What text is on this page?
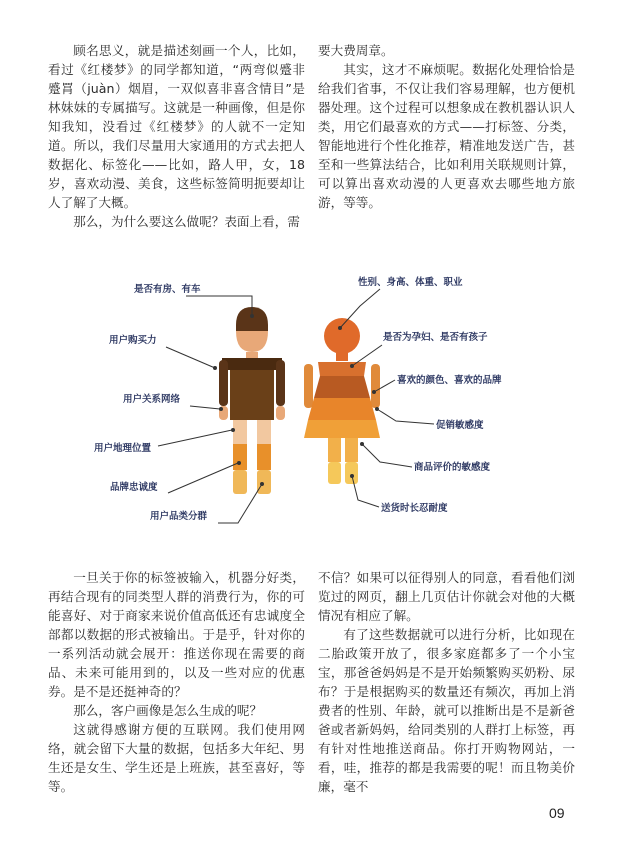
顾名思义，就是描述刻画一个人，比如，看过《红楼梦》的同学都知道，“两弯似蹙非蹙罥（juàn）烟眉，一双似喜非喜含情目”是林妹妹的专属描写。这就是一种画像，但是你知我知，没看过《红楼梦》的人就不一定知道。所以，我们尽量用大家通用的方式去把人数据化、标签化——比如，路人甲，女，18岁，喜欢动漫、美食，这些标签简明扼要却让人了解了大概。

那么，为什么要这么做呢？表面上看，需

要大费周章。

其实，这才不麻烦呢。数据化处理恰恰是给我们省事，不仅让我们容易理解，也方便机器处理。这个过程可以想象成在教机器认识人类，用它们最喜欢的方式——打标签、分类，智能地进行个性化推荐，精准地发送广告，甚至和一些算法结合，比如利用关联规则计算，可以算出喜欢动漫的人更喜欢去哪些地方旅游，等等。

是否有房、有车
用户购买力
用户关系网络
用户地理位置
品牌忠诚度
用户品类分群
性别、身高、体重、职业
是否为孕妇、是否有孩子
喜欢的颜色、喜欢的品牌
促销敏感度
商品评价的敏感度
送货时长忍耐度

一旦关于你的标签被输入，机器分好类，再结合现有的同类型人群的消费行为，你的可能喜好、对于商家来说价值高低还有忠诚度全部都以数据的形式被输出。于是乎，针对你的一系列活动就会展开：推送你现在需要的商品、未来可能用到的，以及一些对应的优惠券。是不是还挺神奇的？

那么，客户画像是怎么生成的呢？

这就得感谢方便的互联网。我们使用网络，就会留下大量的数据，包括多大年纪、男生还是女生、学生还是上班族，甚至喜好，等等。

不信？如果可以征得别人的同意，看看他们浏览过的网页，翻上几页估计你就会对他的大概情况有相应了解。

有了这些数据就可以进行分析，比如现在二胎政策开放了，很多家庭都多了一个小宝宝，那爸爸妈妈是不是开始频繁购买奶粉、尿布？于是根据购买的数量还有频次，再加上消费者的性别、年龄，就可以推断出是不是新爸爸或者新妈妈，给同类别的人群打上标签，再有针对性地推送商品。你打开购物网站，一看，哇，推荐的都是我需要的呢！而且物美价廉，毫不

09
